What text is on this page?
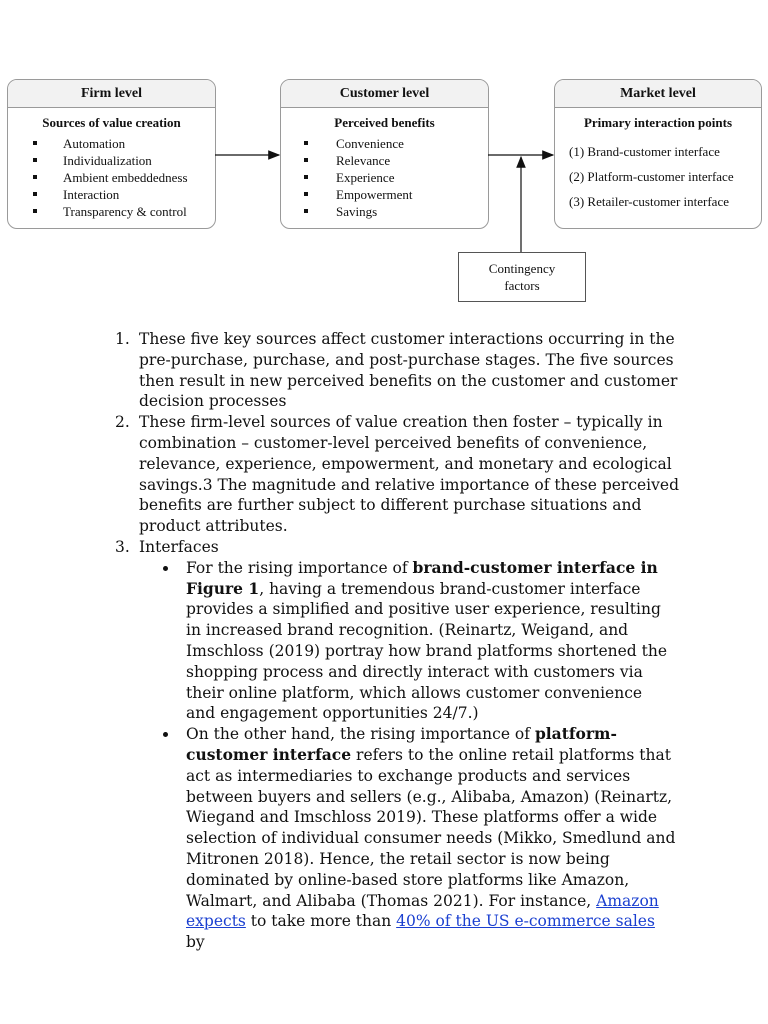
Firm level
Sources of value creation
Automation
Individualization
Ambient embeddedness
Interaction
Transparency & control
Customer level
Perceived benefits
Convenience
Relevance
Experience
Empowerment
Savings
Market level
Primary interaction points
(1) Brand-customer interface
(2) Platform-customer interface
(3) Retailer-customer interface
Contingency
factors
1. These five key sources affect customer interactions occurring in the pre-purchase, purchase, and post-purchase stages. The five sources then result in new perceived benefits on the customer and customer decision processes
2. These firm-level sources of value creation then foster – typically in combination – customer-level perceived benefits of convenience, relevance, experience, empowerment, and monetary and ecological savings.3 The magnitude and relative importance of these perceived benefits are further subject to different purchase situations and product attributes.
3. Interfaces
For the rising importance of brand-customer interface in Figure 1, having a tremendous brand-customer interface provides a simplified and positive user experience, resulting in increased brand recognition. (Reinartz, Weigand, and Imschloss (2019) portray how brand platforms shortened the shopping process and directly interact with customers via their online platform, which allows customer convenience and engagement opportunities 24/7.)
On the other hand, the rising importance of platform-customer interface refers to the online retail platforms that act as intermediaries to exchange products and services between buyers and sellers (e.g., Alibaba, Amazon) (Reinartz, Wiegand and Imschloss 2019). These platforms offer a wide selection of individual consumer needs (Mikko, Smedlund and Mitronen 2018). Hence, the retail sector is now being dominated by online-based store platforms like Amazon, Walmart, and Alibaba (Thomas 2021). For instance, Amazon expects to take more than 40% of the US e-commerce sales by
